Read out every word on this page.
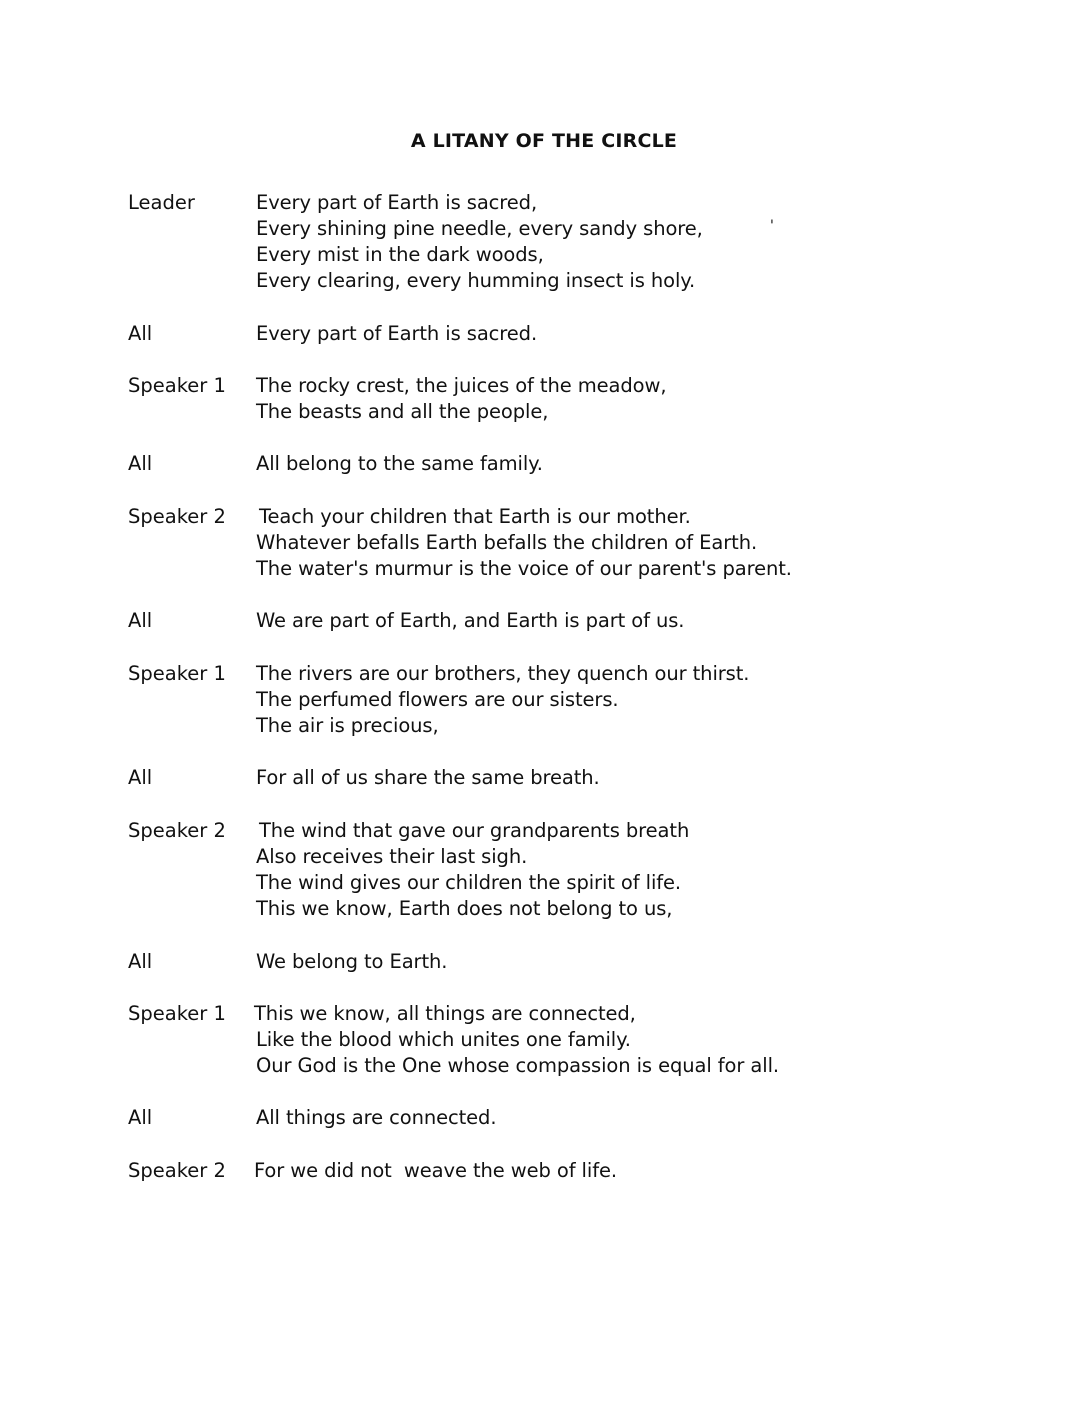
A LITANY OF THE CIRCLE
'
Leader	Every part of Earth is sacred,
Every shining pine needle, every sandy shore,
Every mist in the dark woods,
Every clearing, every humming insect is holy.
All	Every part of Earth is sacred.
Speaker 1 The rocky crest, the juices of the meadow,
The beasts and all the people,
All	All belong to the same family.
Speaker 2 Teach your children that Earth is our mother.
Whatever befalls Earth befalls the children of Earth.
The water's murmur is the voice of our parent's parent.
All	We are part of Earth, and Earth is part of us.
Speaker 1 The rivers are our brothers, they quench our thirst.
The perfumed flowers are our sisters.
The air is precious,
All	For all of us share the same breath.
Speaker 2 The wind that gave our grandparents breath
Also receives their last sigh.
The wind gives our children the spirit of life.
This we know, Earth does not belong to us,
All	We belong to Earth.
Speaker 1 This we know, all things are connected,
Like the blood which unites one family.
Our God is the One whose compassion is equal for all.
All	All things are connected.
Speaker 2 For we did not  weave the web of life.
